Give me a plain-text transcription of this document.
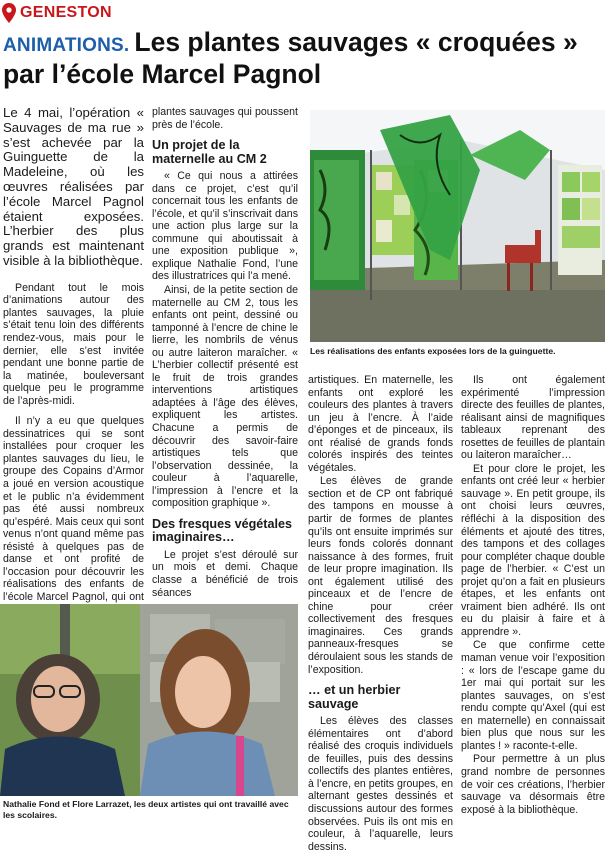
GENESTON
ANIMATIONS. Les plantes sauvages « croquées » par l’école Marcel Pagnol

Le 4 mai, l’opération « Sauvages de ma rue » s’est achevée par la Guinguette de la Madeleine, où les œuvres réalisées par l’école Marcel Pagnol étaient exposées. L’herbier des plus grands est maintenant visible à la bibliothèque.

Pendant tout le mois d’animations autour des plantes sauvages, la pluie s’était tenu loin des différents rendez-vous, mais pour le dernier, elle s’est invitée pendant une bonne partie de la matinée, bouleversant quelque peu le programme de l’après-midi.

Il n’y a eu que quelques dessinatrices qui se sont installées pour croquer les plantes sauvages du lieu, le groupe des Copains d’Armor a joué en version acoustique et le public n’a évidemment pas été aussi nombreux qu’espéré. Mais ceux qui sont venus n’ont quand même pas résisté à quelques pas de danse et ont profité de l’occasion pour découvrir les réalisations des enfants de l’école Marcel Pagnol, qui ont

plantes sauvages qui poussent près de l’école.

Un projet de la maternelle au CM 2

« Ce qui nous a attirées dans ce projet, c’est qu’il concernait tous les enfants de l’école, et qu’il s’inscrivait dans une action plus large sur la commune qui aboutissait à une exposition publique », explique Nathalie Fond, l’une des illustratrices qui l’a mené.

Ainsi, de la petite section de maternelle au CM 2, tous les enfants ont peint, dessiné ou tamponné à l’encre de chine le lierre, les nombrils de vénus ou autre laiteron maraîcher. « L’herbier collectif présenté est le fruit de trois grandes interventions artistiques adaptées à l’âge des élèves, expliquent les artistes. Chacune a permis de découvrir des savoir-faire artistiques tels que l’observation dessinée, la couleur à l’aquarelle, l’impression à l’encre et la composition graphique ».

Des fresques végétales imaginaires…

Le projet s’est déroulé sur un mois et demi. Chaque classe a bénéficié de trois séances

Les réalisations des enfants exposées lors de la guinguette.

artistiques. En maternelle, les enfants ont exploré les couleurs des plantes à travers un jeu à l’encre. À l’aide d’éponges et de pinceaux, ils ont réalisé de grands fonds colorés inspirés des teintes végétales.

Les élèves de grande section et de CP ont fabriqué des tampons en mousse à partir de formes de plantes qu’ils ont ensuite imprimés sur leurs fonds colorés donnant naissance à des formes, fruit de leur propre imagination. Ils ont également utilisé des pinceaux et de l’encre de chine pour créer collectivement des fresques imaginaires. Ces grands panneaux-fresques se déroulaient sous les stands de l’exposition.

… et un herbier sauvage

Les élèves des classes élémentaires ont d’abord réalisé des croquis individuels de feuilles, puis des dessins collectifs des plantes entières, à l’encre, en petits groupes, en alternant gestes dessinés et discussions autour des formes observées. Puis ils ont mis en couleur, à l’aquarelle, leurs dessins.

Ils ont également expérimenté l’impression directe des feuilles de plantes, réalisant ainsi de magnifiques tableaux reprenant des rosettes de feuilles de plantain ou laiteron maraîcher…

Et pour clore le projet, les enfants ont créé leur « herbier sauvage ». En petit groupe, ils ont choisi leurs œuvres, réfléchi à la disposition des éléments et ajouté des titres, des tampons et des collages pour compléter chaque double page de l’herbier. « C’est un projet qu’on a fait en plusieurs étapes, et les enfants ont vraiment bien adhéré. Ils ont eu du plaisir à faire et à apprendre ».

Ce que confirme cette maman venue voir l’exposition : « lors de l’escape game du 1er mai qui portait sur les plantes sauvages, on s’est rendu compte qu’Axel (qui est en maternelle) en connaissait bien plus que nous sur les plantes ! » raconte-t-elle.

Pour permettre à un plus grand nombre de personnes de voir ces créations, l’herbier sauvage va désormais être exposé à la bibliothèque.

Nathalie Fond et Flore Larrazet, les deux artistes qui ont travaillé avec les scolaires.
